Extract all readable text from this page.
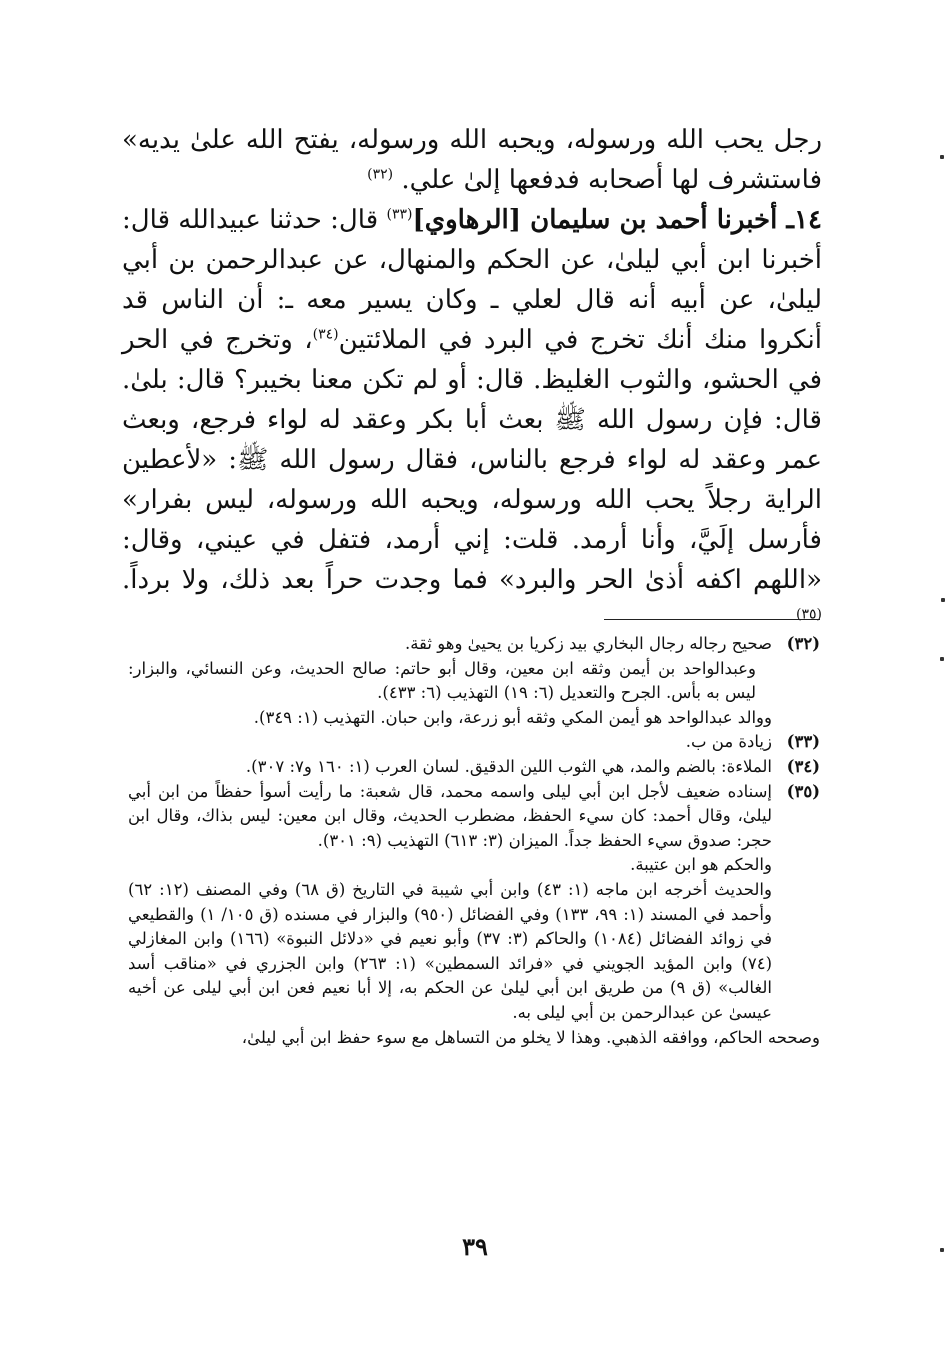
رجل يحب الله ورسوله، ويحبه الله ورسوله، يفتح الله علىٰ يديه» فاستشرف لها أصحابه فدفعها إلىٰ علي. $^{(٣٢)}$

١٤ـ أخبرنا أحمد بن سليمان [الرهاوي]$^{(٣٣)}$ قال: حدثنا عبيدالله قال: أخبرنا ابن أبي ليلىٰ، عن الحكم والمنهال، عن عبدالرحمن بن أبي ليلىٰ، عن أبيه أنه قال لعلي ـ وكان يسير معه ـ: أن الناس قد أنكروا منك أنك تخرج في البرد في الملائتين$^{(٣٤)}$، وتخرج في الحر في الحشو، والثوب الغليظ. قال: أو لم تكن معنا بخيبر؟ قال: بلىٰ. قال: فإن رسول الله ﷺ بعث أبا بكر وعقد له لواء فرجع، وبعث عمر وعقد له لواء فرجع بالناس، فقال رسول الله ﷺ: «لأعطين الراية رجلاً يحب الله ورسوله، ويحبه الله ورسوله، ليس بفرار» فأرسل إلَيَّ، وأنا أرمد. قلت: إني أرمد، فتفل في عيني، وقال: «اللهم اكفه أذىٰ الحر والبرد» فما وجدت حراً بعد ذلك، ولا برداً. $^{(٣٥)}$

(٣٢)
صحيح رجاله رجال البخاري بيد زكريا بن يحيىٰ وهو ثقة.

وعبدالواحد بن أيمن وثقه ابن معين، وقال أبو حاتم: صالح الحديث، وعن النسائي، والبزار: ليس به بأس. الجرح والتعديل (٦: ١٩) التهذيب (٦: ٤٣٣).

ووالد عبدالواحد هو أيمن المكي وثقه أبو زرعة، وابن حبان. التهذيب (١: ٣٤٩).

(٣٣)
زيادة من ب.
(٣٤)
الملاءة: بالضم والمد، هي الثوب اللين الدقيق. لسان العرب (١: ١٦٠ و٧: ٣٠٧).
(٣٥)
إسناده ضعيف لأجل ابن أبي ليلى واسمه محمد، قال شعبة: ما رأيت أسوأ حفظاً من ابن أبي ليلىٰ، وقال أحمد: كان سيء الحفظ، مضطرب الحديث، وقال ابن معين: ليس بذاك، وقال ابن حجر: صدوق سيء الحفظ جداً. الميزان (٣: ٦١٣) التهذيب (٩: ٣٠١).

والحكم هو ابن عتيبة.

والحديث أخرجه ابن ماجه (١: ٤٣) وابن أبي شيبة في التاريخ (ق ٦٨) وفي المصنف (١٢: ٦٢) وأحمد في المسند (١: ٩٩، ١٣٣) وفي الفضائل (٩٥٠) والبزار في مسنده (ق ١٠٥/ ١) والقطيعي في زوائد الفضائل (١٠٨٤) والحاكم (٣: ٣٧) وأبو نعيم في «دلائل النبوة» (١٦٦) وابن المغازلي (٧٤) وابن المؤيد الجويني في «فرائد السمطين» (١: ٢٦٣) وابن الجزري في «مناقب أسد الغالب» (ق ٩) من طريق ابن أبي ليلىٰ عن الحكم به، إلا أبا نعيم فعن ابن أبي ليلى عن أخيه عيسىٰ عن عبدالرحمن بن أبي ليلى به.

وصححه الحاكم، ووافقه الذهبي. وهذا لا يخلو من التساهل مع سوء حفظ ابن أبي ليلىٰ،

٣٩
